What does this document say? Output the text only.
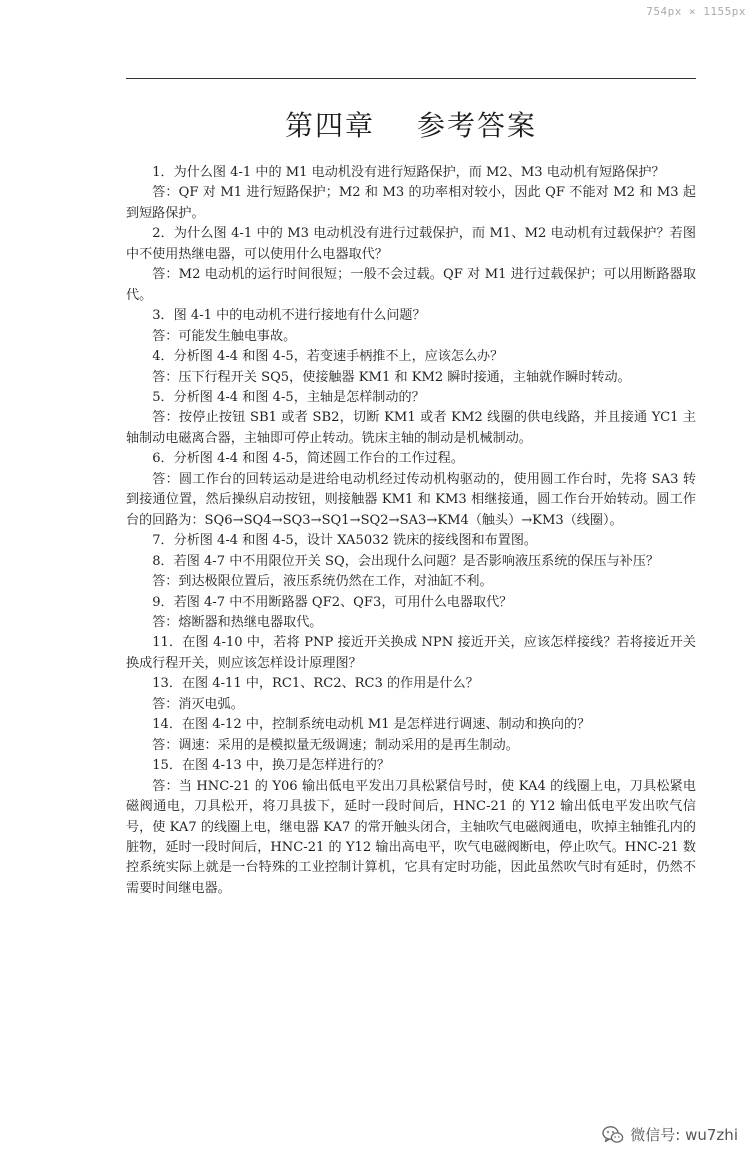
754px × 1155px
第四章 参考答案

1．为什么图 4-1 中的 M1 电动机没有进行短路保护，而 M2、M3 电动机有短路保护？

答：QF 对 M1 进行短路保护；M2 和 M3 的功率相对较小，因此 QF 不能对 M2 和 M3 起到短路保护。

2．为什么图 4-1 中的 M3 电动机没有进行过载保护，而 M1、M2 电动机有过载保护？若图中不使用热继电器，可以使用什么电器取代？

答：M2 电动机的运行时间很短；一般不会过载。QF 对 M1 进行过载保护；可以用断路器取代。

3．图 4-1 中的电动机不进行接地有什么问题？

答：可能发生触电事故。

4．分析图 4-4 和图 4-5，若变速手柄推不上，应该怎么办？

答：压下行程开关 SQ5，使接触器 KM1 和 KM2 瞬时接通，主轴就作瞬时转动。

5．分析图 4-4 和图 4-5，主轴是怎样制动的？

答：按停止按钮 SB1 或者 SB2，切断 KM1 或者 KM2 线圈的供电线路，并且接通 YC1 主轴制动电磁离合器，主轴即可停止转动。铣床主轴的制动是机械制动。

6．分析图 4-4 和图 4-5，简述圆工作台的工作过程。

答：圆工作台的回转运动是进给电动机经过传动机构驱动的，使用圆工作台时，先将 SA3 转到接通位置，然后操纵启动按钮，则接触器 KM1 和 KM3 相继接通，圆工作台开始转动。圆工作台的回路为：SQ6→SQ4→SQ3→SQ1→SQ2→SA3→KM4（触头）→KM3（线圈）。

7．分析图 4-4 和图 4-5，设计 XA5032 铣床的接线图和布置图。

8．若图 4-7 中不用限位开关 SQ，会出现什么问题？是否影响液压系统的保压与补压？

答：到达极限位置后，液压系统仍然在工作，对油缸不利。

9．若图 4-7 中不用断路器 QF2、QF3，可用什么电器取代？

答：熔断器和热继电器取代。

11．在图 4-10 中，若将 PNP 接近开关换成 NPN 接近开关，应该怎样接线？若将接近开关换成行程开关，则应该怎样设计原理图？

13．在图 4-11 中，RC1、RC2、RC3 的作用是什么？

答：消灭电弧。

14．在图 4-12 中，控制系统电动机 M1 是怎样进行调速、制动和换向的？

答：调速：采用的是模拟量无级调速；制动采用的是再生制动。

15．在图 4-13 中，换刀是怎样进行的？

答：当 HNC-21 的 Y06 输出低电平发出刀具松紧信号时，使 KA4 的线圈上电，刀具松紧电磁阀通电，刀具松开，将刀具拔下，延时一段时间后，HNC-21 的 Y12 输出低电平发出吹气信号，使 KA7 的线圈上电，继电器 KA7 的常开触头闭合，主轴吹气电磁阀通电，吹掉主轴锥孔内的脏物，延时一段时间后，HNC-21 的 Y12 输出高电平，吹气电磁阀断电，停止吹气。HNC-21 数控系统实际上就是一台特殊的工业控制计算机，它具有定时功能，因此虽然吹气时有延时，仍然不需要时间继电器。

微信号: wu7zhi
